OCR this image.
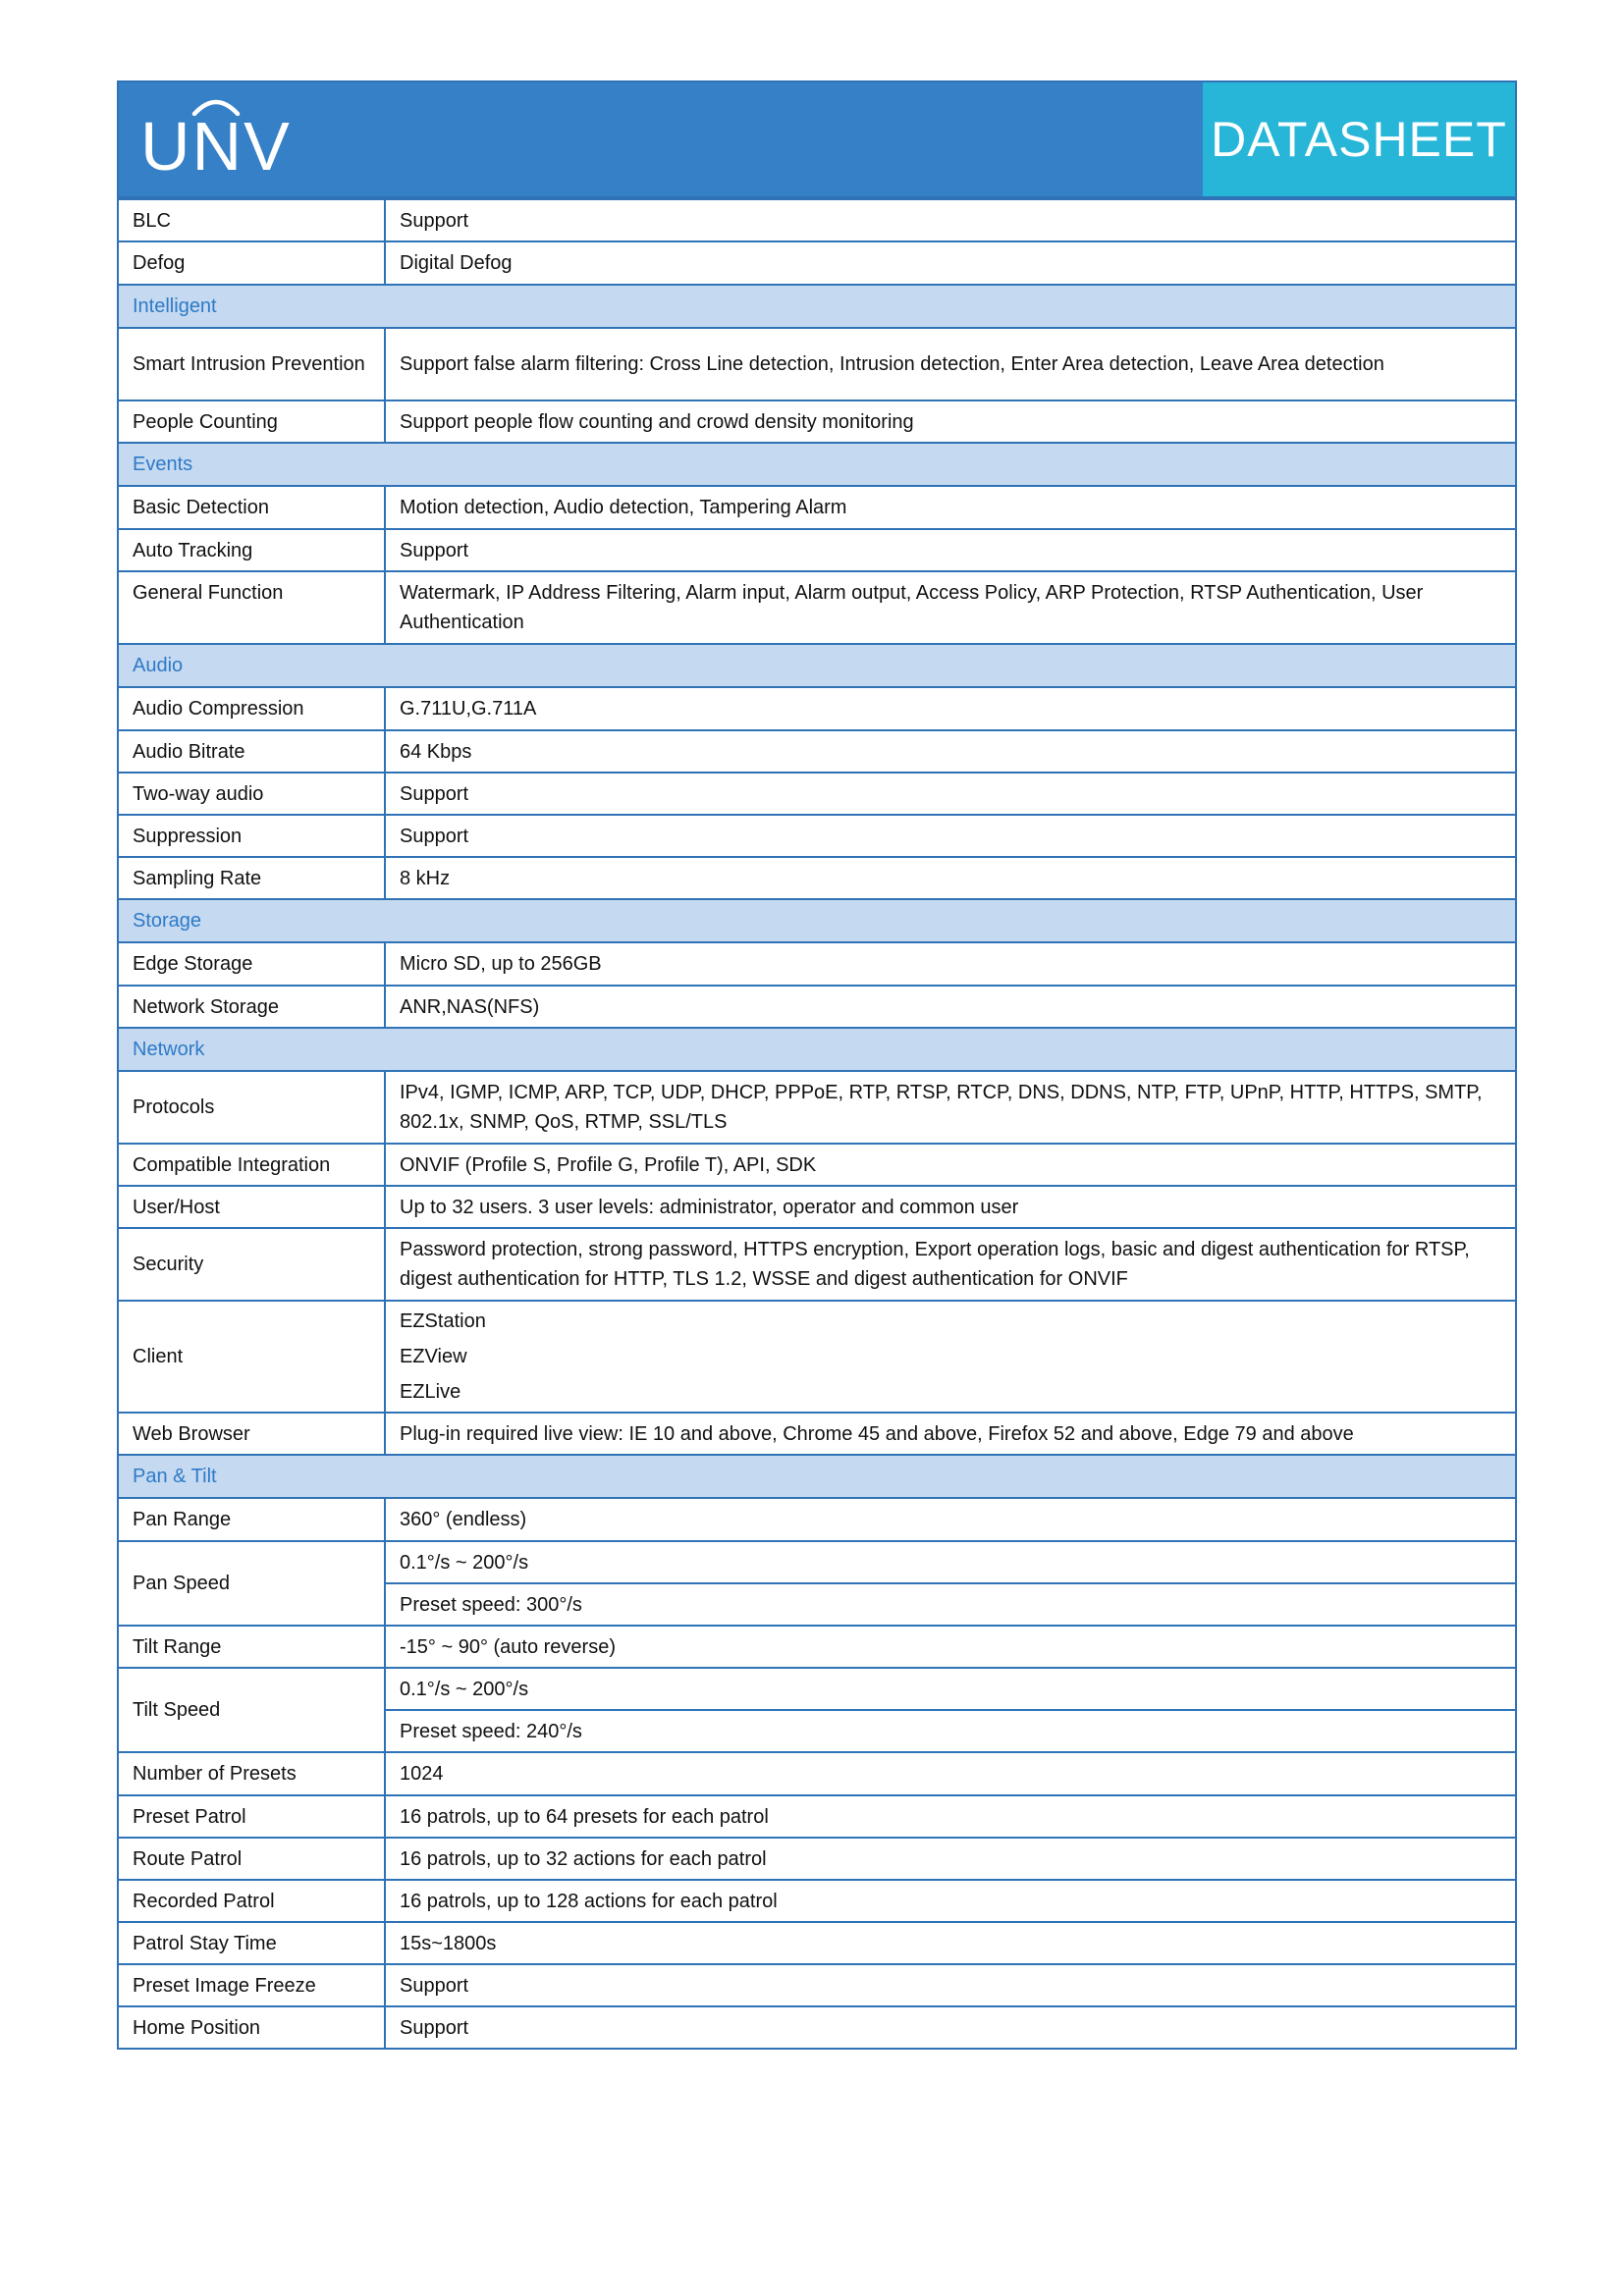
UNV	DATASHEET
BLC	Support
Defog	Digital Defog
Intelligent	
Smart Intrusion Prevention	Support false alarm filtering: Cross Line detection, Intrusion detection, Enter Area detection, Leave Area detection
People Counting	Support people flow counting and crowd density monitoring
Events	
Basic Detection	Motion detection, Audio detection, Tampering Alarm
Auto Tracking	Support
General Function	Watermark, IP Address Filtering, Alarm input, Alarm output, Access Policy, ARP Protection, RTSP Authentication, User Authentication
Audio	
Audio Compression	G.711U,G.711A
Audio Bitrate	64 Kbps
Two-way audio	Support
Suppression	Support
Sampling Rate	8 kHz
Storage	
Edge Storage	Micro SD, up to 256GB
Network Storage	ANR,NAS(NFS)
Network	
Protocols	IPv4, IGMP, ICMP, ARP, TCP, UDP, DHCP, PPPoE, RTP, RTSP, RTCP, DNS, DDNS, NTP, FTP, UPnP, HTTP, HTTPS, SMTP, 802.1x, SNMP, QoS, RTMP, SSL/TLS
Compatible Integration	ONVIF (Profile S, Profile G, Profile T), API, SDK
User/Host	Up to 32 users. 3 user levels: administrator, operator and common user
Security	Password protection, strong password, HTTPS encryption, Export operation logs, basic and digest authentication for RTSP, digest authentication for HTTP, TLS 1.2, WSSE and digest authentication for ONVIF
Client	EZStation
EZView
EZLive

Web Browser	Plug-in required live view: IE 10 and above, Chrome 45 and above, Firefox 52 and above, Edge 79 and above
Pan & Tilt	
Pan Range	360° (endless)
Pan Speed	0.1°/s ~ 200°/s
	Preset speed: 300°/s
Tilt Range	-15° ~ 90° (auto reverse)
Tilt Speed	0.1°/s ~ 200°/s
	Preset speed: 240°/s
Number of Presets	1024
Preset Patrol	16 patrols, up to 64 presets for each patrol
Route Patrol	16 patrols, up to 32 actions for each patrol
Recorded Patrol	16 patrols, up to 128 actions for each patrol
Patrol Stay Time	15s~1800s
Preset Image Freeze	Support
Home Position	Support
